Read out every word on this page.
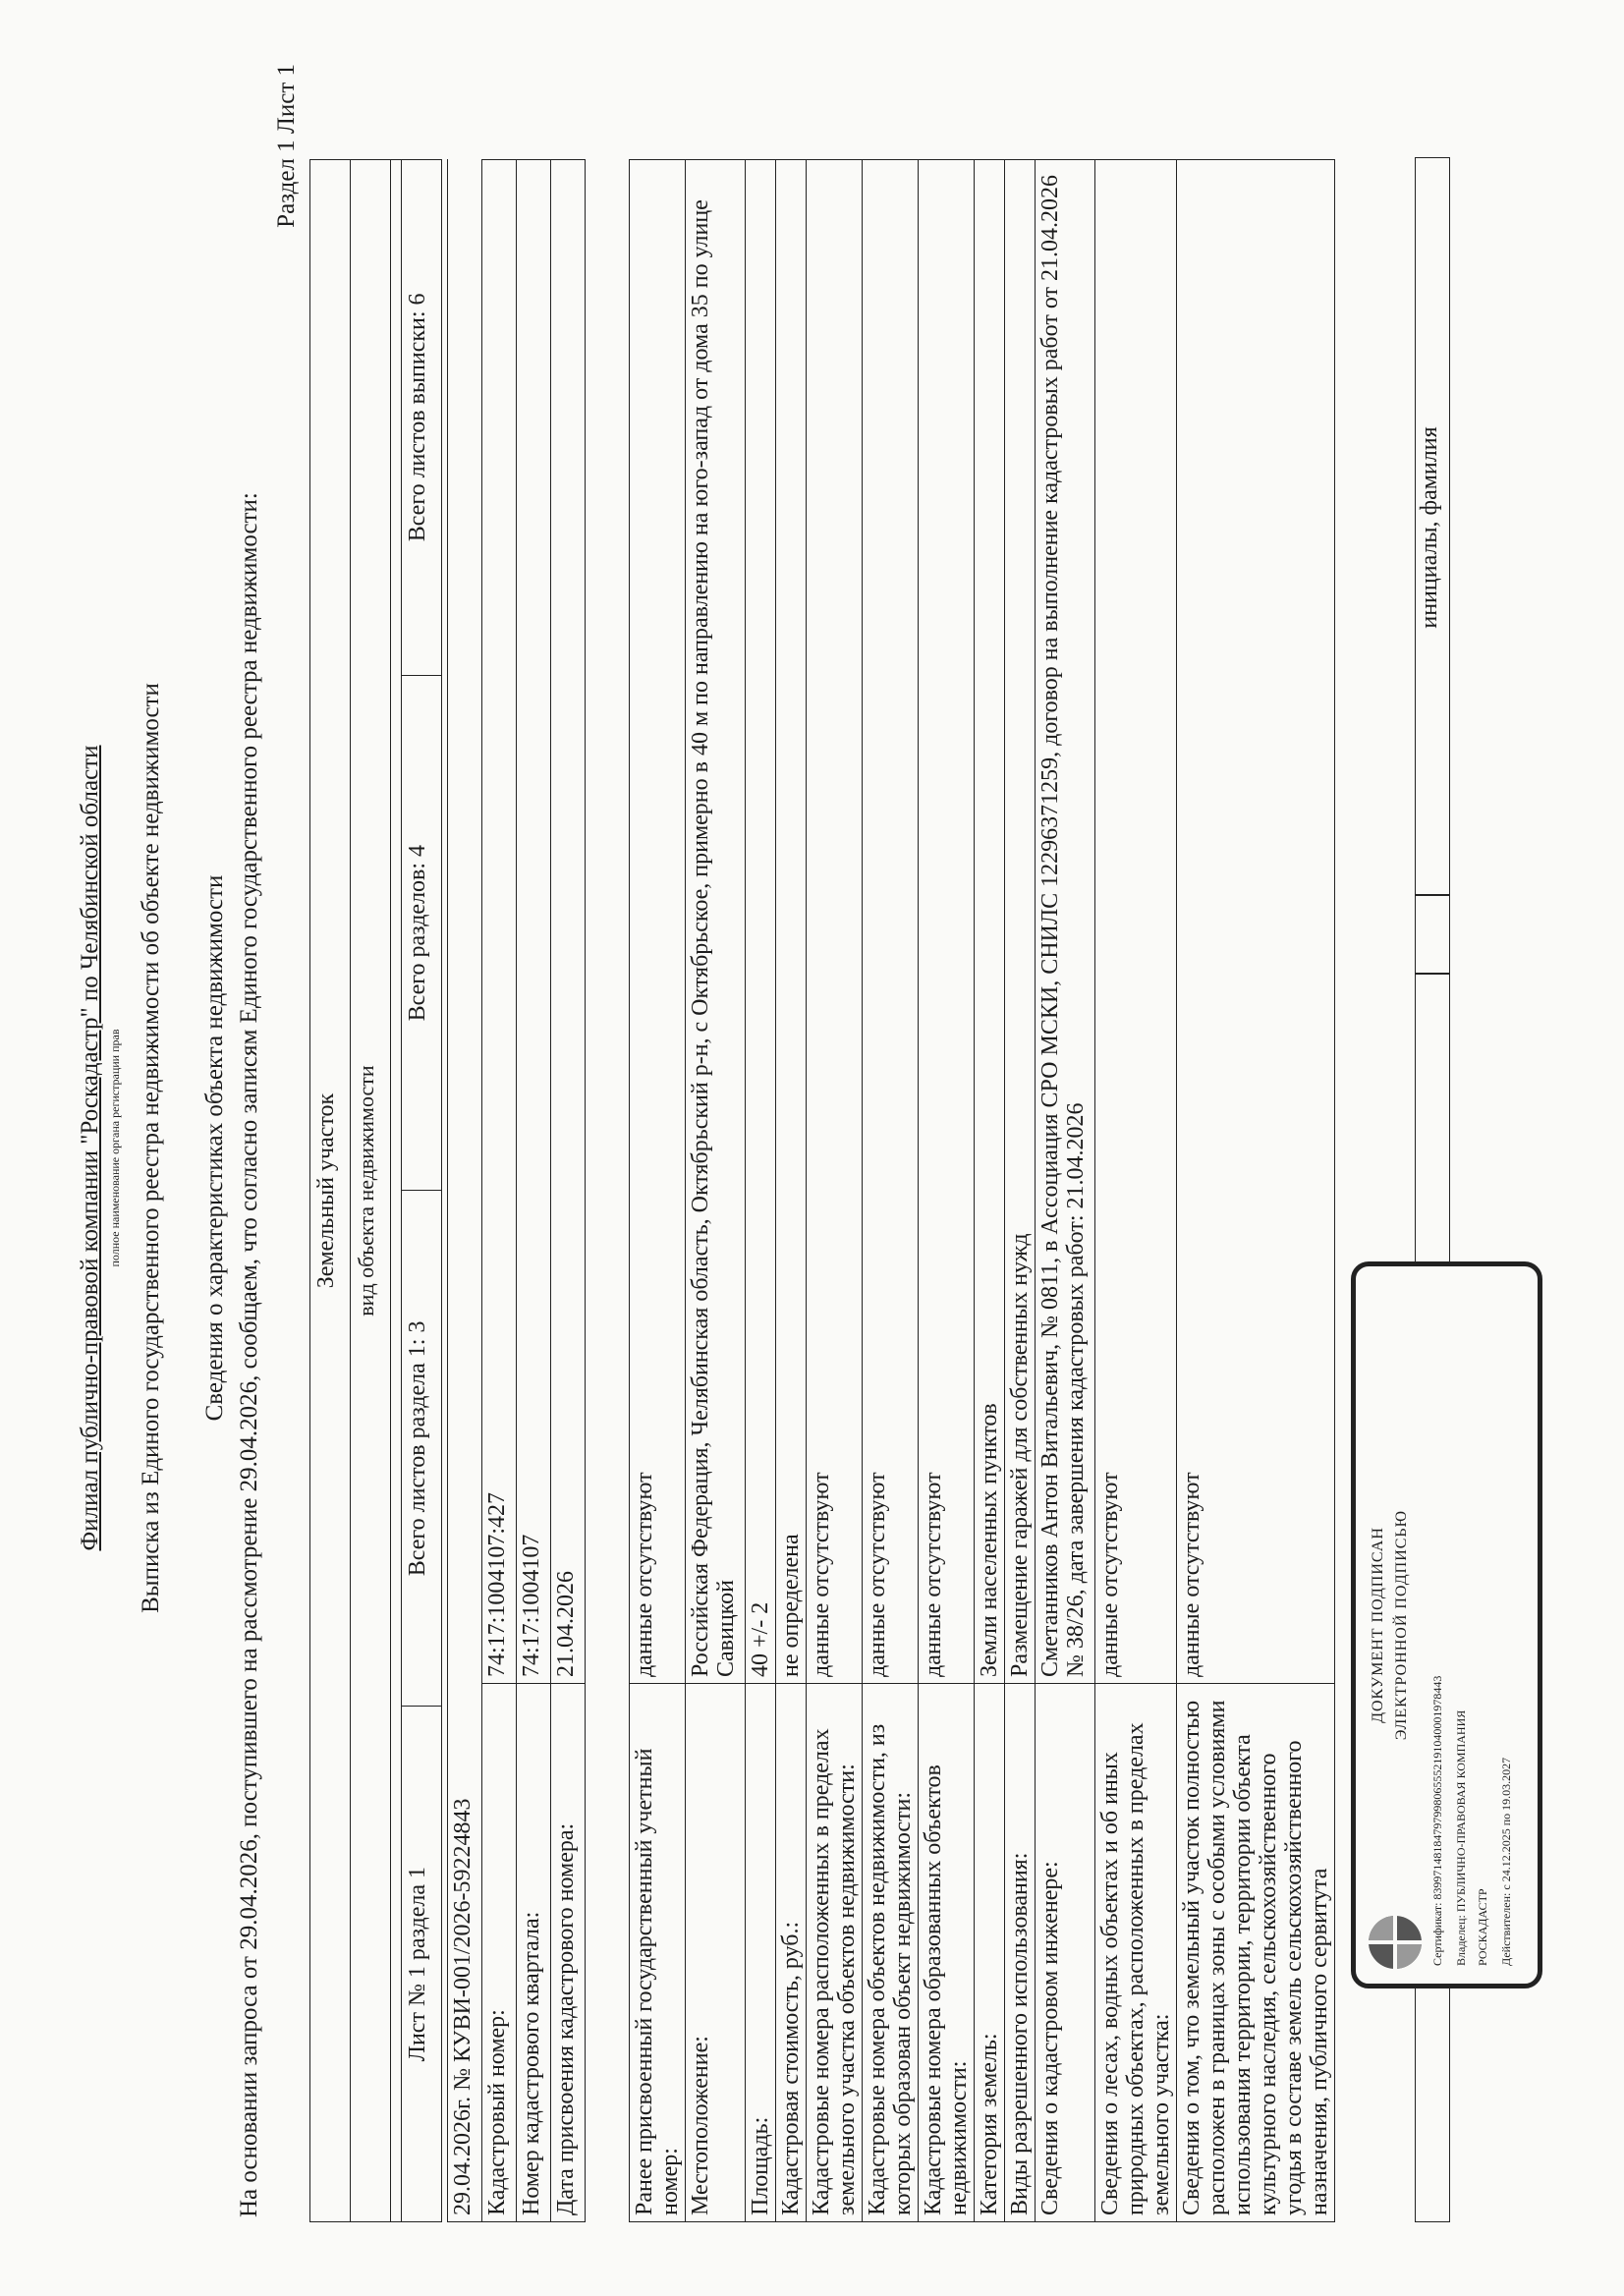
Филиал публично-правовой компании "Роскадастр" по Челябинской области полное наименование органа регистрации прав Выписка из Единого государственного реестра недвижимости об объекте недвижимости Сведения о характеристиках объекта недвижимости На основании запроса от 29.04.2026, поступившего на рассмотрение 29.04.2026, сообщаем, что согласно записям Единого государственного реестра недвижимости:
Раздел 1 Лист 1
Земельный участок
вид объекта недвижимости

Лист № 1 раздела 1	Всего листов раздела 1: 3	Всего разделов: 4	Всего листов выписки: 6
29.04.2026г. № КУВИ-001/2026-59224843	
Кадастровый номер:	74:17:1004107:427
Номер кадастрового квартала:	74:17:1004107
Дата присвоения кадастрового номера:	21.04.2026
Ранее присвоенный государственный учетный номер:	данные отсутствуют
Местоположение:	Российская Федерация, Челябинская область, Октябрьский р-н, с Октябрьское, примерно в 40 м по направлению на юго-запад от дома 35 по улице Савицкой
Площадь:	40 +/- 2
Кадастровая стоимость, руб.:	не определена
Кадастровые номера расположенных в пределах земельного участка объектов недвижимости:	данные отсутствуют
Кадастровые номера объектов недвижимости, из которых образован объект недвижимости:	данные отсутствуют
Кадастровые номера образованных объектов недвижимости:	данные отсутствуют
Категория земель:	Земли населенных пунктов
Виды разрешенного использования:	Размещение гаражей для собственных нужд
Сведения о кадастровом инженере:	Сметанников Антон Витальевич, № 0811, в Ассоциация СРО МСКИ, СНИЛС 12296371259, договор на выполнение кадастровых работ от 21.04.2026 № 38/26, дата завершения кадастровых работ: 21.04.2026
Сведения о лесах, водных объектах и об иных природных объектах, расположенных в пределах земельного участка:	данные отсутствуют
Сведения о том, что земельный участок полностью расположен в границах зоны с особыми условиями использования территории, территории объекта культурного наследия, сельскохозяйственного угодья в составе земель сельскохозяйственного назначения, публичного сервитута	данные отсутствуют
инициалы, фамилия
ДОКУМЕНТ ПОДПИСАН ЭЛЕКТРОННОЙ ПОДПИСЬЮ
Сертификат: 83997148184797998065552191040001978443 Владелец: ПУБЛИЧНО-ПРАВОВАЯ КОМПАНИЯ РОСКАДАСТР Действителен: с 24.12.2025 по 19.03.2027
